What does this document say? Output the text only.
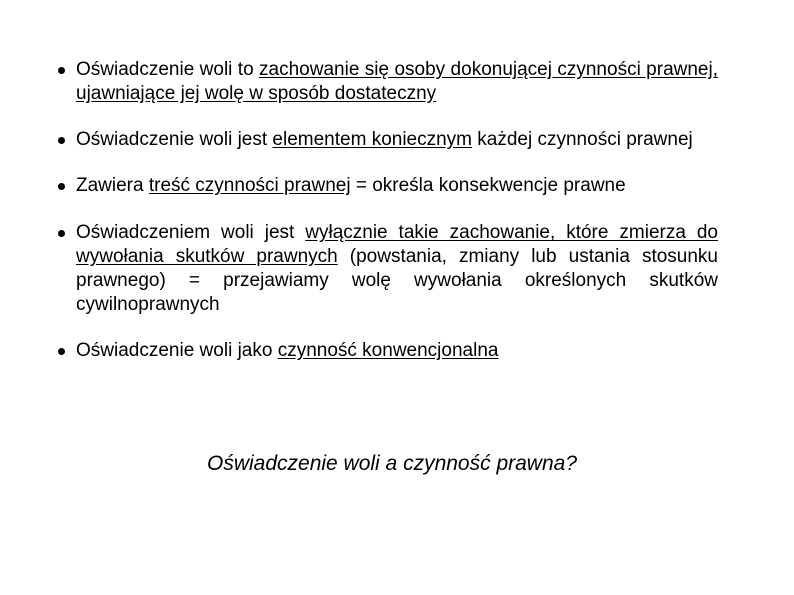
Oświadczenie woli to zachowanie się osoby dokonującej czynności prawnej, ujawniające jej wolę w sposób dostateczny
Oświadczenie woli jest elementem koniecznym każdej czynności prawnej
Zawiera treść czynności prawnej = określa konsekwencje prawne
Oświadczeniem woli jest wyłącznie takie zachowanie, które zmierza do wywołania skutków prawnych (powstania, zmiany lub ustania stosunku prawnego) = przejawiamy wolę wywołania określonych skutków cywilnoprawnych
Oświadczenie woli jako czynność konwencjonalna
Oświadczenie woli a czynność prawna?
